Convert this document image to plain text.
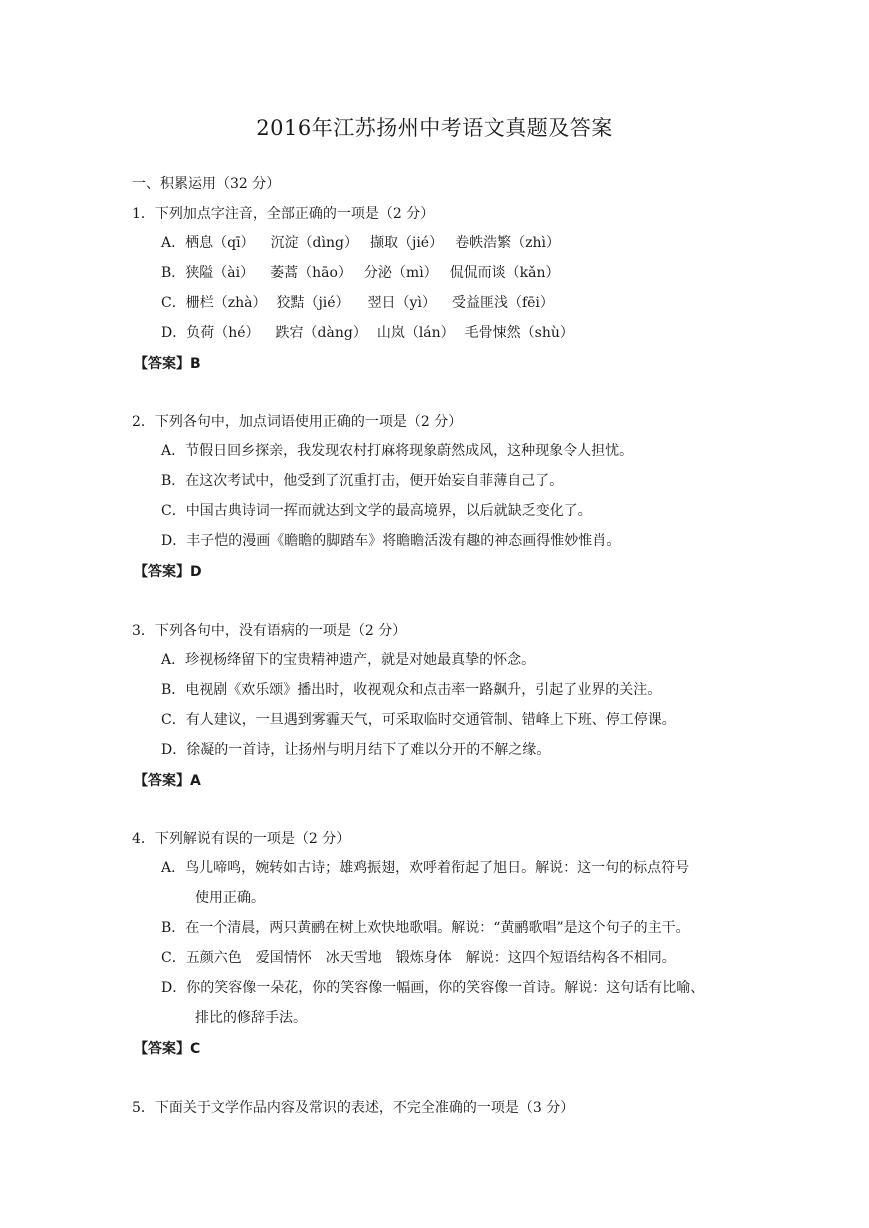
2016年江苏扬州中考语文真题及答案
一、积累运用（32 分）
1．下列加点字注音，全部正确的一项是（2 分）
A．栖息（qī） 沉淀（dìng） 撷取（jié） 卷帙浩繁（zhì）
B．狭隘（ài） 萎蒿（hāo） 分泌（mì） 侃侃而谈（kǎn）
C．栅栏（zhà） 狡黠（jié） 翌日（yì） 受益匪浅（fēi）
D．负荷（hé） 跌宕（dàng） 山岚（lán） 毛骨悚然（shù）
【答案】B
2．下列各句中，加点词语使用正确的一项是（2 分）
A．节假日回乡探亲，我发现农村打麻将现象蔚然成风，这种现象令人担忧。
B．在这次考试中，他受到了沉重打击，便开始妄自菲薄自己了。
C．中国古典诗词一挥而就达到文学的最高境界，以后就缺乏变化了。
D．丰子恺的漫画《瞻瞻的脚踏车》将瞻瞻活泼有趣的神态画得惟妙惟肖。
【答案】D
3．下列各句中，没有语病的一项是（2 分）
A．珍视杨绛留下的宝贵精神遗产，就是对她最真挚的怀念。
B．电视剧《欢乐颂》播出时，收视观众和点击率一路飙升，引起了业界的关注。
C．有人建议，一旦遇到雾霾天气，可采取临时交通管制、错峰上下班、停工停课。
D．徐凝的一首诗，让扬州与明月结下了难以分开的不解之缘。
【答案】A
4．下列解说有误的一项是（2 分）
A．鸟儿啼鸣，婉转如古诗；雄鸡振翅，欢呼着衔起了旭日。解说：这一句的标点符号
使用正确。
B．在一个清晨，两只黄鹂在树上欢快地歌唱。解说：“黄鹂歌唱”是这个句子的主干。
C．五颜六色 爱国情怀 冰天雪地 锻炼身体 解说：这四个短语结构各不相同。
D．你的笑容像一朵花，你的笑容像一幅画，你的笑容像一首诗。解说：这句话有比喻、
排比的修辞手法。
【答案】C
5．下面关于文学作品内容及常识的表述，不完全准确的一项是（3 分）
